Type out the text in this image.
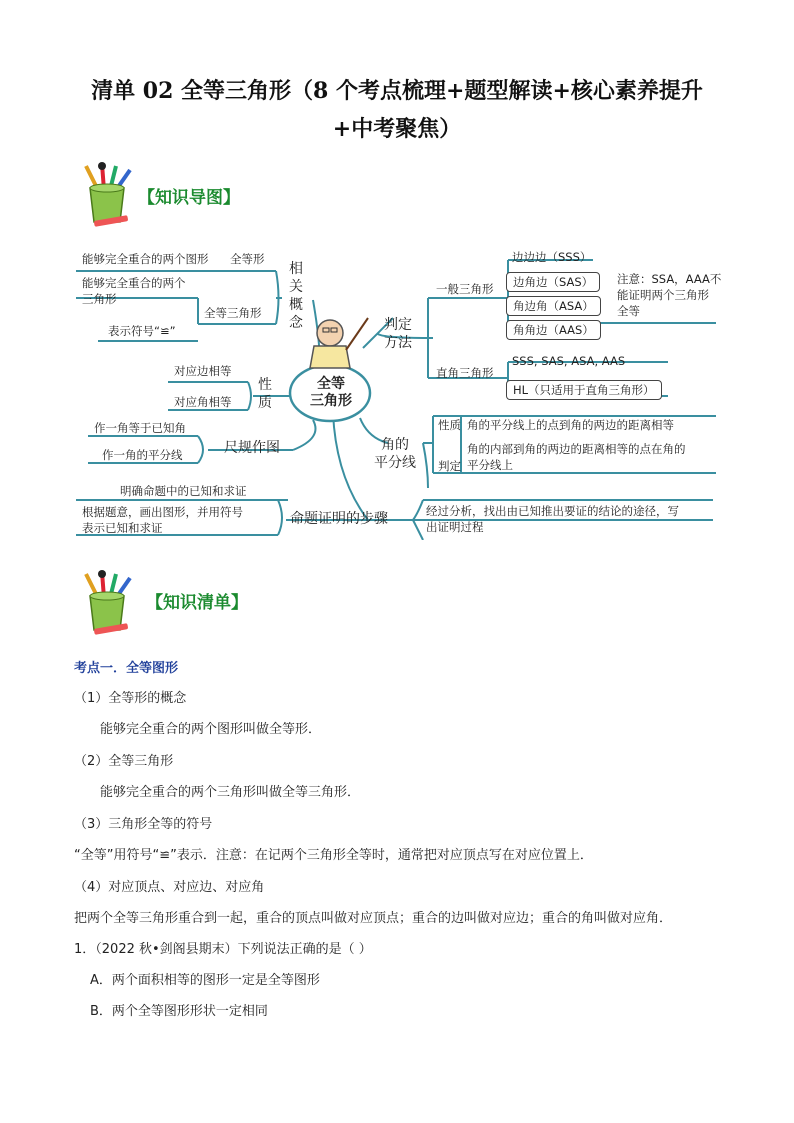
清单 02 全等三角形（8 个考点梳理+题型解读+核心素养提升
+中考聚焦）
【知识导图】
能够完全重合的两个图形 全等形
能够完全重合的两个
三角形
全等三角形
表示符号“≌”
相
关
概
念
全等
三角形
对应边相等
对应角相等
性
质
作一角等于已知角
作一角的平分线	尺规作图
明确命题中的已知和求证
根据题意，画出图形，并用符号
表示已知和求证
命题证明的步骤	经过分析，找出由已知推出要证的结论的途径，写
出证明过程
判定
方法
一般三角形
边边边（SSS）
边角边（SAS）
角边角（ASA）
角角边（AAS）
注意：SSA，AAA不
能证明两个三角形
全等
直角三角形
SSS, SAS, ASA, AAS
HL（只适用于直角三角形）
角的
平分线
性质 角的平分线上的点到角的两边的距离相等
判定
角的内部到角的两边的距离相等的点在角的
平分线上
【知识清单】
考点一．全等图形
（1）全等形的概念
能够完全重合的两个图形叫做全等形．
（2）全等三角形
能够完全重合的两个三角形叫做全等三角形．
（3）三角形全等的符号
“全等”用符号“≌”表示．注意：在记两个三角形全等时，通常把对应顶点写在对应位置上．
（4）对应顶点、对应边、对应角
把两个全等三角形重合到一起，重合的顶点叫做对应顶点；重合的边叫做对应边；重合的角叫做对应角．
1．（2022 秋•剑阁县期末）下列说法正确的是（ ）
A．两个面积相等的图形一定是全等图形
B．两个全等图形形状一定相同
